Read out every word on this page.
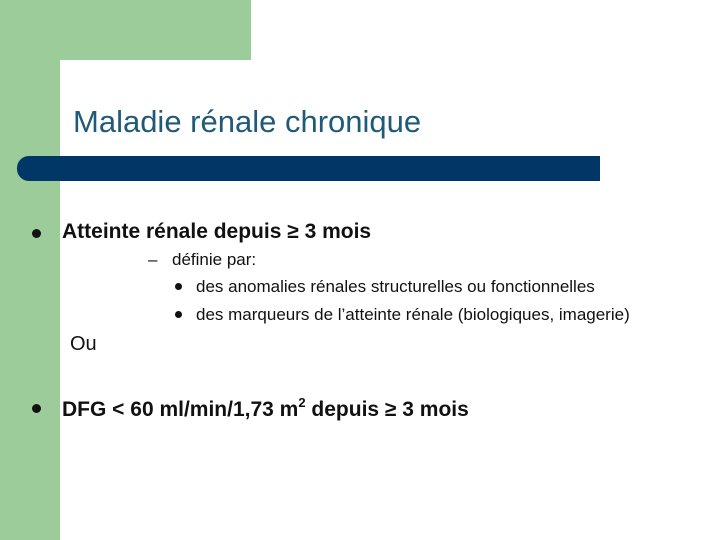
Maladie rénale chronique
Atteinte rénale depuis ≥ 3 mois
– définie par:
des anomalies rénales structurelles ou fonctionnelles
des marqueurs de l’atteinte rénale (biologiques, imagerie)
Ou
DFG < 60 ml/min/1,73 $m^2$ depuis ≥ 3 mois
